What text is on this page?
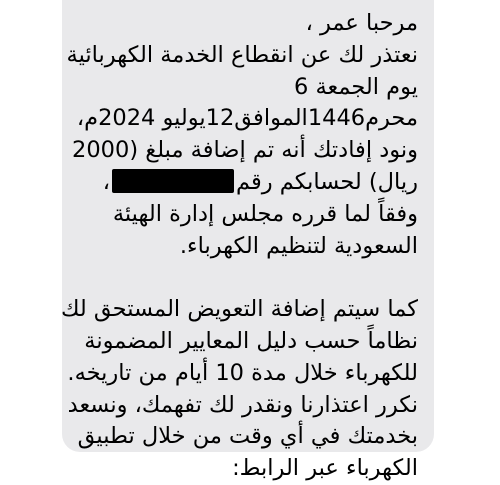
مرحبا عمر ،
نعتذر لك عن انقطاع الخدمة الكهربائية
يوم الجمعة 6
محرم1446الموافق12يوليو 2024م،
ونود إفادتك أنه تم إضافة مبلغ (2000
ريال) لحسابكم رقم،
وفقاً لما قرره مجلس إدارة الهيئة
السعودية لتنظيم الكهرباء.
كما سيتم إضافة التعويض المستحق لك
نظاماً حسب دليل المعايير المضمونة
للكهرباء خلال مدة 10 أيام من تاريخه.
نكرر اعتذارنا ونقدر لك تفهمك، ونسعد
بخدمتك في أي وقت من خلال تطبيق
الكهرباء عبر الرابط:
